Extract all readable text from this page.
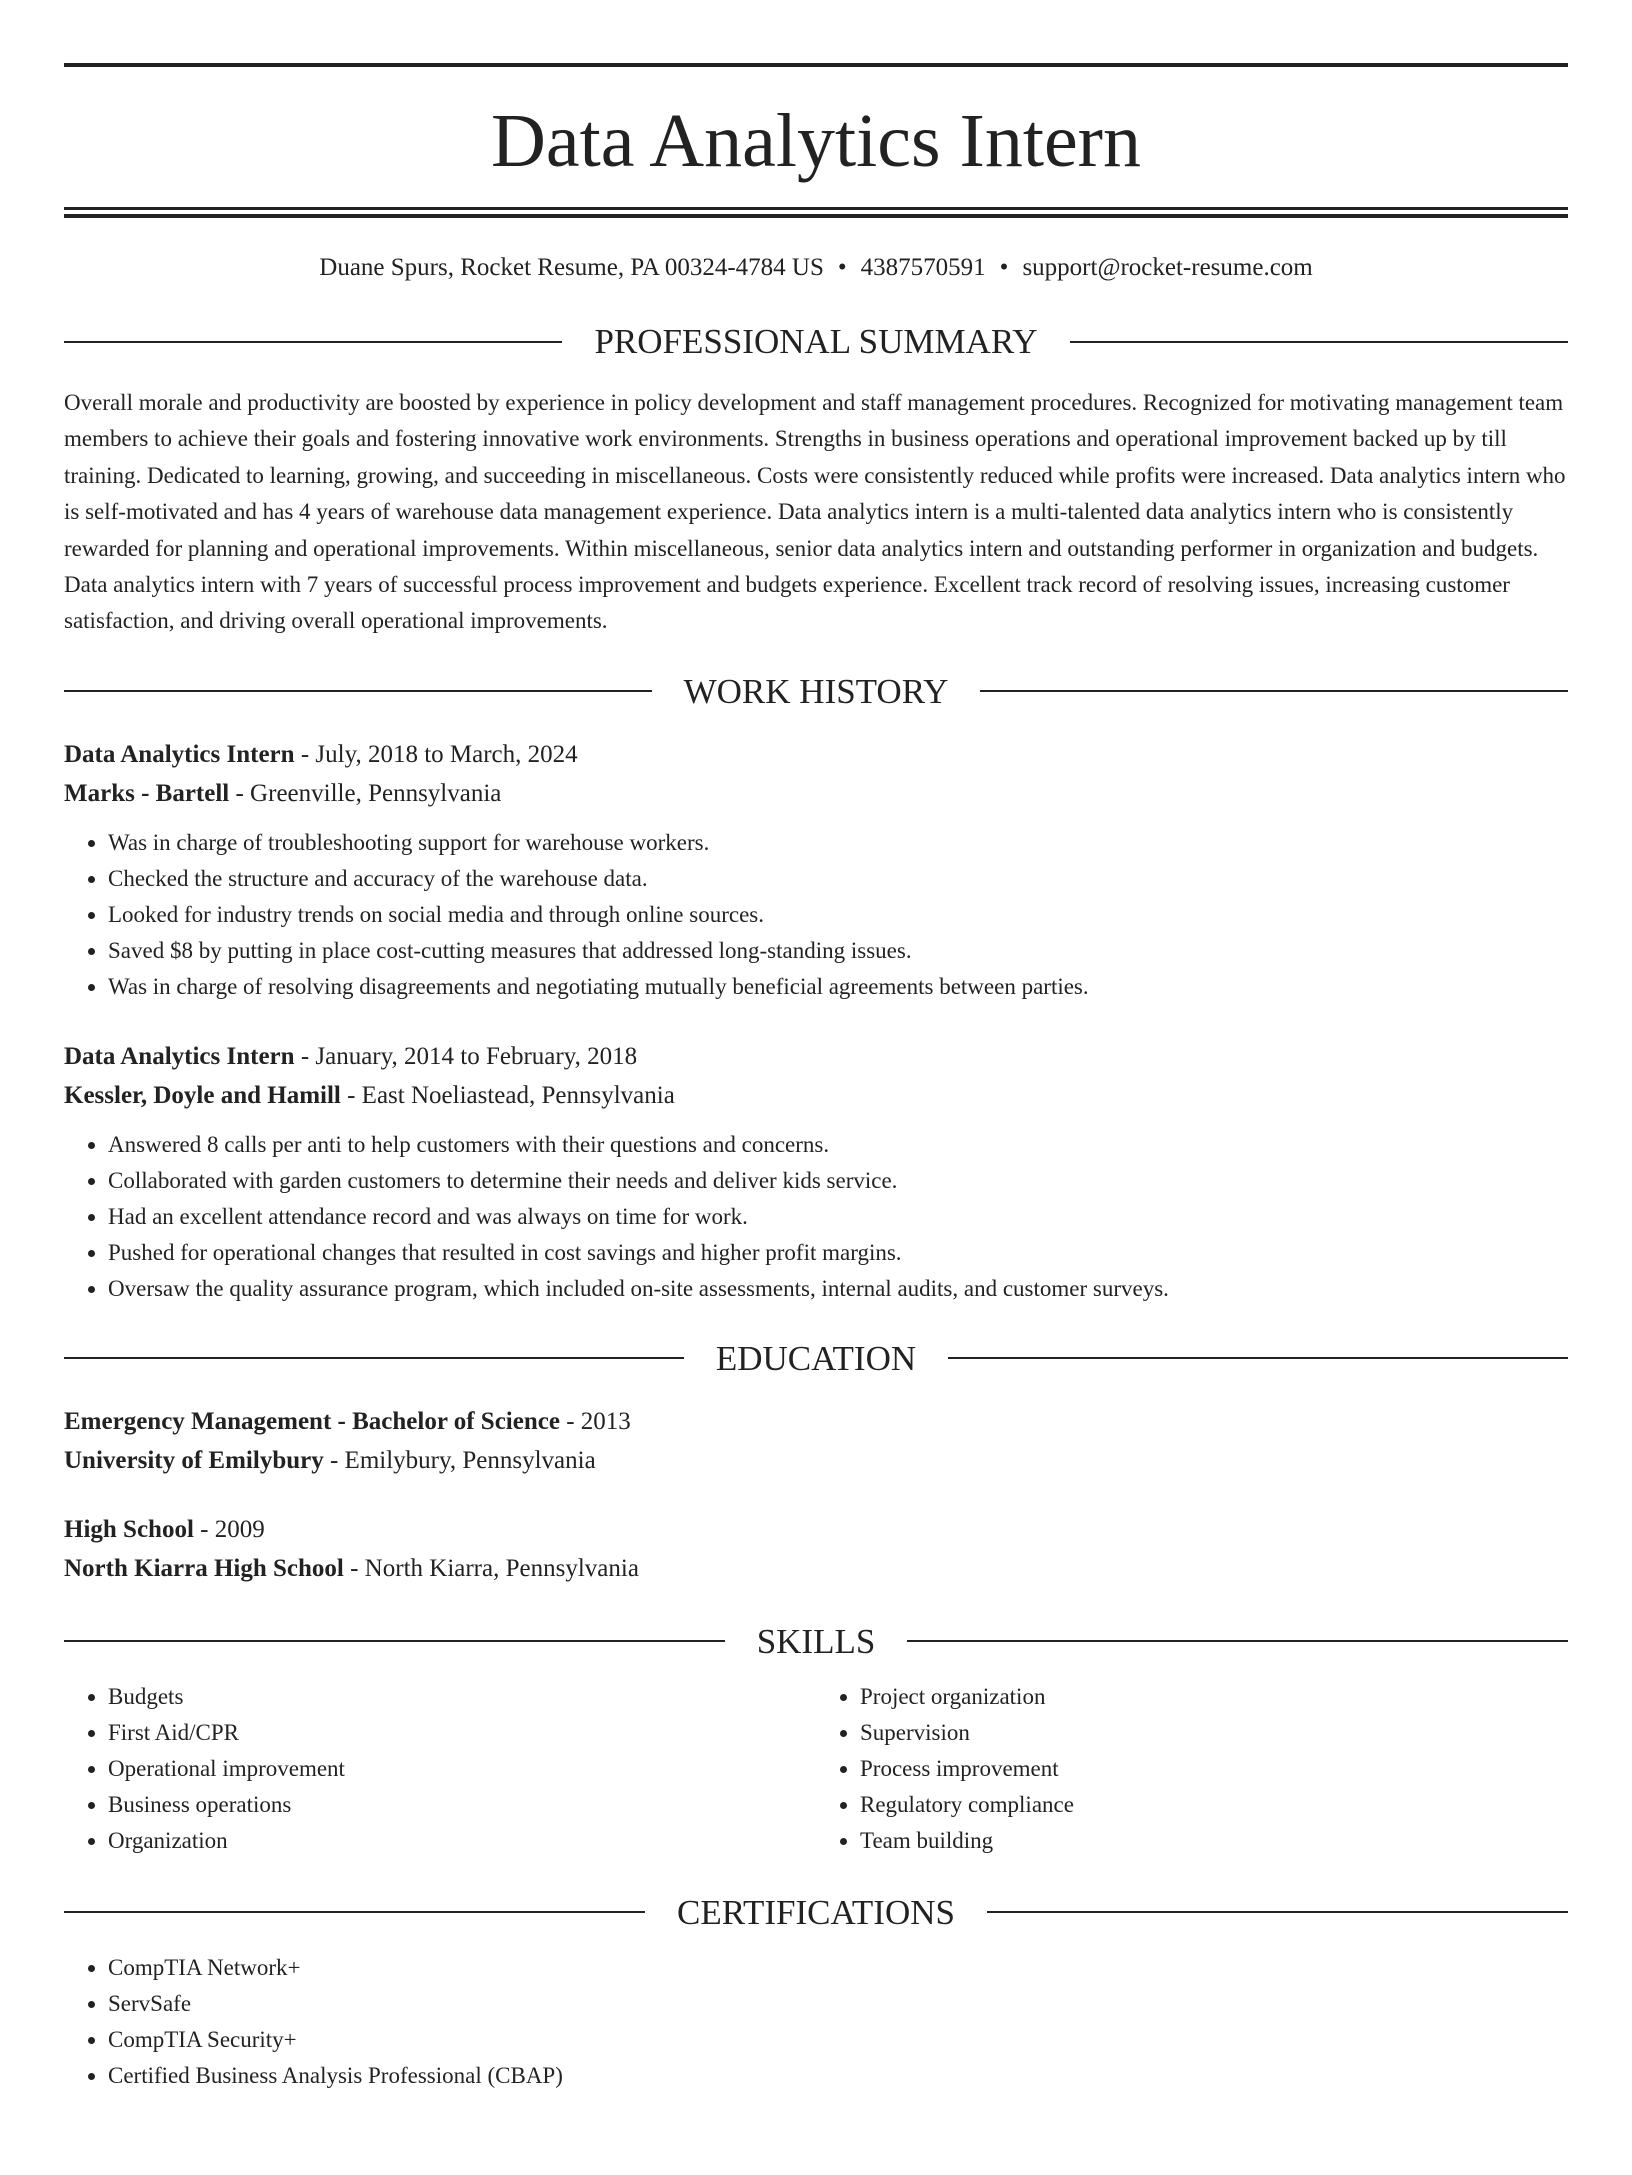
Data Analytics Intern
Duane Spurs, Rocket Resume, PA 00324-4784 US • 4387570591 • support@rocket-resume.com
PROFESSIONAL SUMMARY

Overall morale and productivity are boosted by experience in policy development and staff management procedures. Recognized for motivating management team members to achieve their goals and fostering innovative work environments. Strengths in business operations and operational improvement backed up by till training. Dedicated to learning, growing, and succeeding in miscellaneous. Costs were consistently reduced while profits were increased. Data analytics intern who is self-motivated and has 4 years of warehouse data management experience. Data analytics intern is a multi-talented data analytics intern who is consistently rewarded for planning and operational improvements. Within miscellaneous, senior data analytics intern and outstanding performer in organization and budgets. Data analytics intern with 7 years of successful process improvement and budgets experience. Excellent track record of resolving issues, increasing customer satisfaction, and driving overall operational improvements.

WORK HISTORY
Data Analytics Intern - July, 2018 to March, 2024
Marks - Bartell - Greenville, Pennsylvania
• Was in charge of troubleshooting support for warehouse workers.
• Checked the structure and accuracy of the warehouse data.
• Looked for industry trends on social media and through online sources.
• Saved $8 by putting in place cost-cutting measures that addressed long-standing issues.
• Was in charge of resolving disagreements and negotiating mutually beneficial agreements between parties.
Data Analytics Intern - January, 2014 to February, 2018
Kessler, Doyle and Hamill - East Noeliastead, Pennsylvania
• Answered 8 calls per anti to help customers with their questions and concerns.
• Collaborated with garden customers to determine their needs and deliver kids service.
• Had an excellent attendance record and was always on time for work.
• Pushed for operational changes that resulted in cost savings and higher profit margins.
• Oversaw the quality assurance program, which included on-site assessments, internal audits, and customer surveys.
EDUCATION
Emergency Management - Bachelor of Science - 2013
University of Emilybury - Emilybury, Pennsylvania
High School - 2009
North Kiarra High School - North Kiarra, Pennsylvania
SKILLS
• Budgets
• First Aid/CPR
• Operational improvement
• Business operations
• Organization
• Project organization
• Supervision
• Process improvement
• Regulatory compliance
• Team building
CERTIFICATIONS
• CompTIA Network+
• ServSafe
• CompTIA Security+
• Certified Business Analysis Professional (CBAP)
